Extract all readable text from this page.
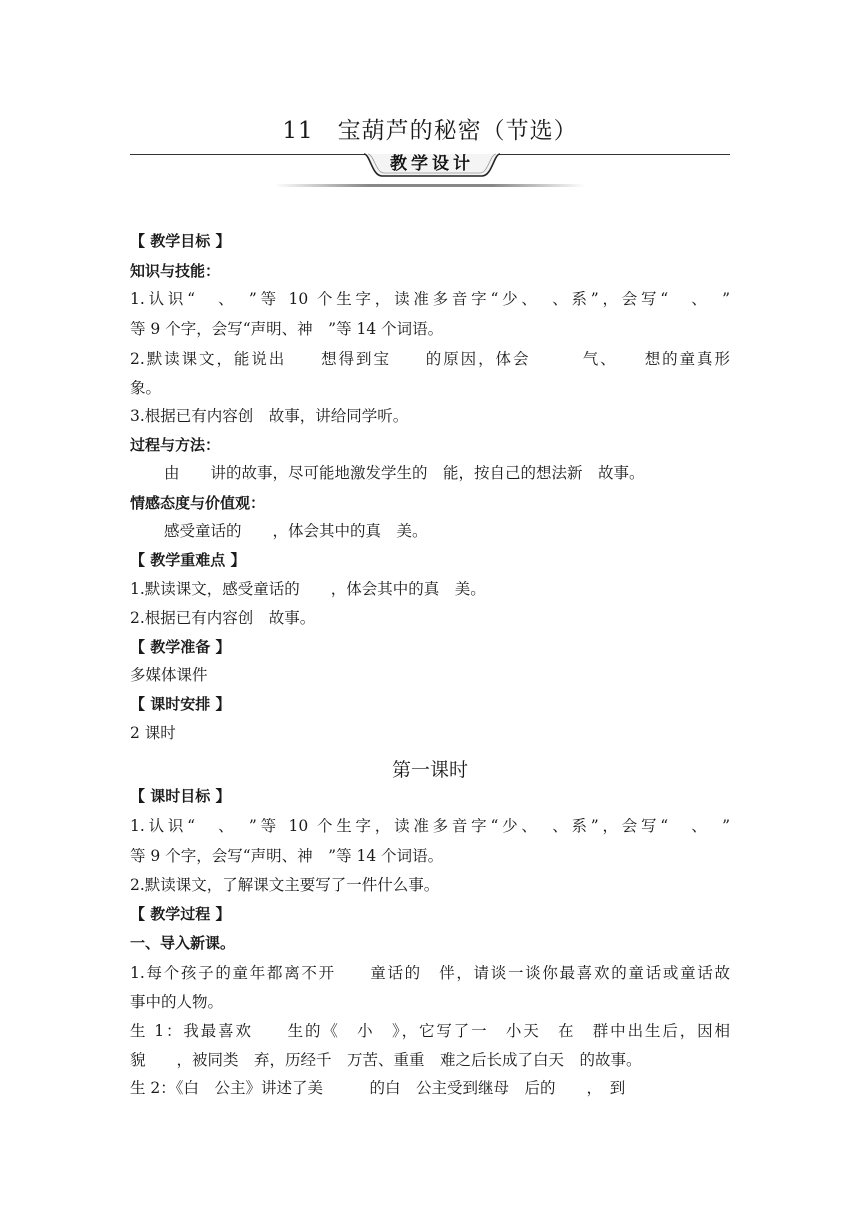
11　宝葫芦的秘密（节选）
教学设计
【 教学目标 】
知识与技能：
1.认识“　、　”等 10 个生字，读准多音字“少、　、系”，会写“　、　”
等 9 个字，会写“声明、神　”等 14 个词语。
2.默读课文，能说出　　想得到宝　　的原因，体会　　　气、　　想的童真形
象。
3.根据已有内容创　故事，讲给同学听。
过程与方法：
由　　讲的故事，尽可能地激发学生的　能，按自己的想法新　故事。
情感态度与价值观：
感受童话的　　，体会其中的真　美。
【 教学重难点 】
1.默读课文，感受童话的　　，体会其中的真　美。
2.根据已有内容创　故事。
【 教学准备 】
多媒体课件
【 课时安排 】
2 课时
【 课时目标 】
1.认识“　、　”等 10 个生字，读准多音字“少、　、系”，会写“　、　”
等 9 个字，会写“声明、神　”等 14 个词语。
2.默读课文，了解课文主要写了一件什么事。
【 教学过程 】
一、导入新课。
1.每个孩子的童年都离不开　　童话的　伴，请谈一谈你最喜欢的童话或童话故
事中的人物。
生 1：我最喜欢　　生的《　小　》，它写了一　小天　在　群中出生后，因相
貌　　，被同类　弃，历经千　万苦、重重　难之后长成了白天　的故事。
生 2：《白　公主》讲述了美　　　的白　公主受到继母　后的　　，　到
第一课时
